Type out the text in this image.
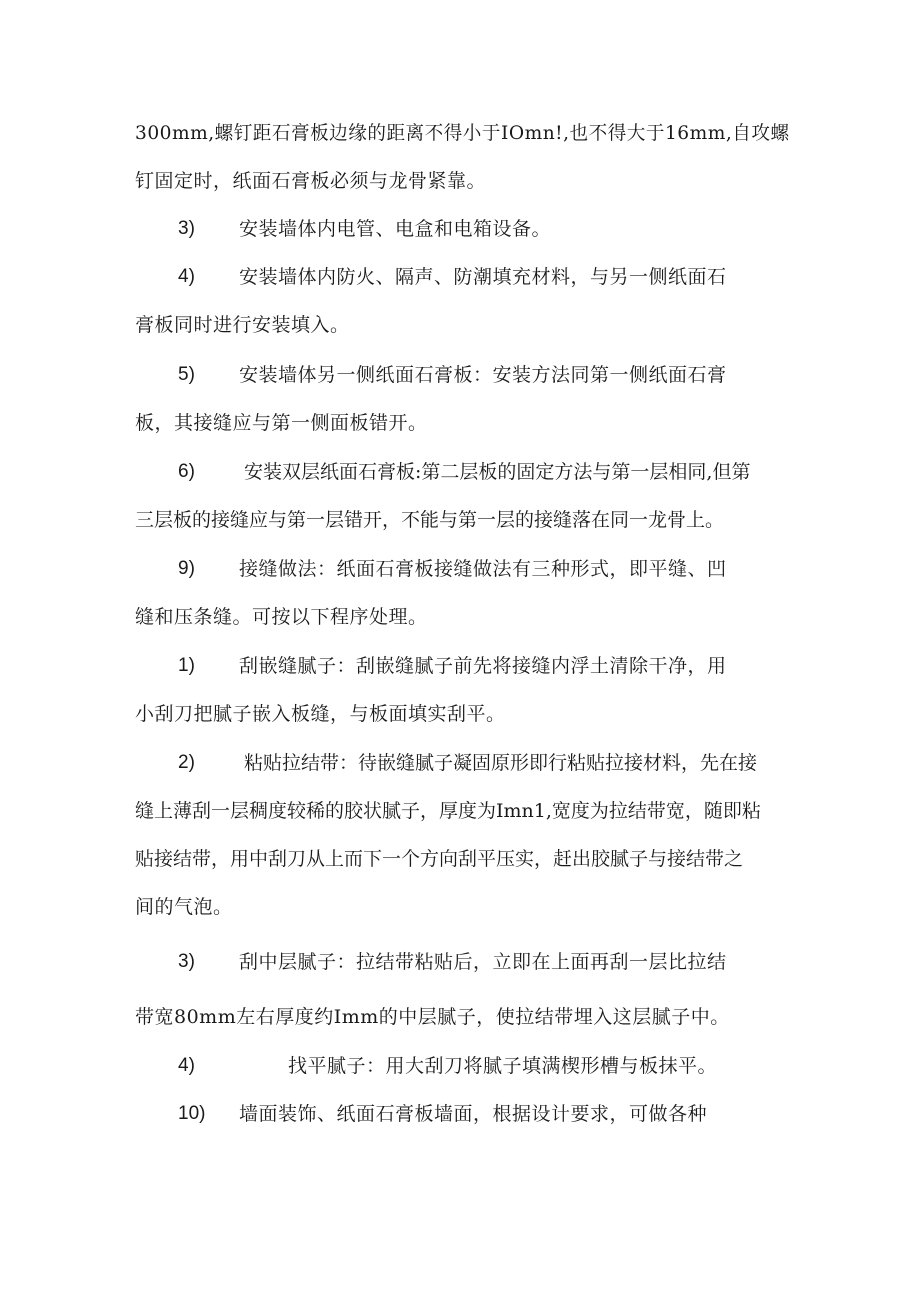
300mm,螺钉距石膏板边缘的距离不得小于IOmn!,也不得大于16mm,自攻螺
钉固定时，纸面石膏板必须与龙骨紧靠。
3) 安装墙体内电管、电盒和电箱设备。
4) 安装墙体内防火、隔声、防潮填充材料，与另一侧纸面石
膏板同时进行安装填入。
5) 安装墙体另一侧纸面石膏板：安装方法同第一侧纸面石膏
板，其接缝应与第一侧面板错开。
6)	安装双层纸面石膏板:第二层板的固定方法与第一层相同,但第
三层板的接缝应与第一层错开，不能与第一层的接缝落在同一龙骨上。
9) 接缝做法：纸面石膏板接缝做法有三种形式，即平缝、凹
缝和压条缝。可按以下程序处理。
1) 刮嵌缝腻子：刮嵌缝腻子前先将接缝内浮土清除干净，用
小刮刀把腻子嵌入板缝，与板面填实刮平。
2)	粘贴拉结带：待嵌缝腻子凝固原形即行粘贴拉接材料，先在接
缝上薄刮一层稠度较稀的胶状腻子，厚度为Imn1,宽度为拉结带宽，随即粘
贴接结带，用中刮刀从上而下一个方向刮平压实，赶出胶腻子与接结带之
间的气泡。
3) 刮中层腻子：拉结带粘贴后，立即在上面再刮一层比拉结
带宽80mm左右厚度约Imm的中层腻子，使拉结带埋入这层腻子中。
4)	找平腻子：用大刮刀将腻子填满楔形槽与板抹平。
10) 墙面装饰、纸面石膏板墙面，根据设计要求，可做各种
